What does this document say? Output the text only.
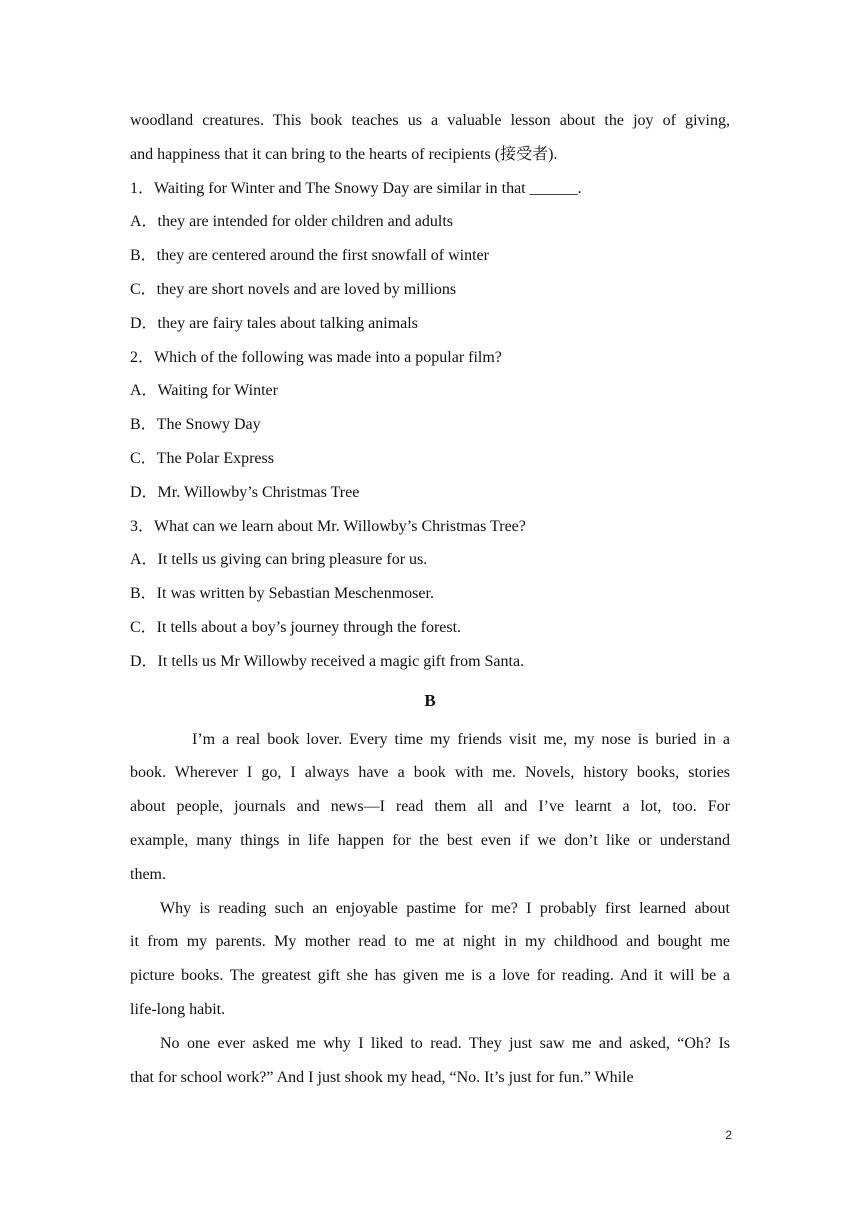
woodland creatures. This book teaches us a valuable lesson about the joy of giving,
and happiness that it can bring to the hearts of recipients (接受者).
1．Waiting for Winter and The Snowy Day are similar in that ______.
A．they are intended for older children and adults
B．they are centered around the first snowfall of winter
C．they are short novels and are loved by millions
D．they are fairy tales about talking animals
2．Which of the following was made into a popular film?
A．Waiting for Winter
B．The Snowy Day
C．The Polar Express
D．Mr. Willowby’s Christmas Tree
3．What can we learn about Mr. Willowby’s Christmas Tree?
A．It tells us giving can bring pleasure for us.
B．It was written by Sebastian Meschenmoser.
C．It tells about a boy’s journey through the forest.
D．It tells us Mr Willowby received a magic gift from Santa.
B
I’m a real book lover. Every time my friends visit me, my nose is buried in a
book. Wherever I go, I always have a book with me. Novels, history books, stories
about people, journals and news—I read them all and I’ve learnt a lot, too. For
example, many things in life happen for the best even if we don’t like or understand
them.
Why is reading such an enjoyable pastime for me? I probably first learned about
it from my parents. My mother read to me at night in my childhood and bought me
picture books. The greatest gift she has given me is a love for reading. And it will be a
life-long habit.
No one ever asked me why I liked to read. They just saw me and asked, “Oh? Is
that for school work?” And I just shook my head, “No. It’s just for fun.” While
2
